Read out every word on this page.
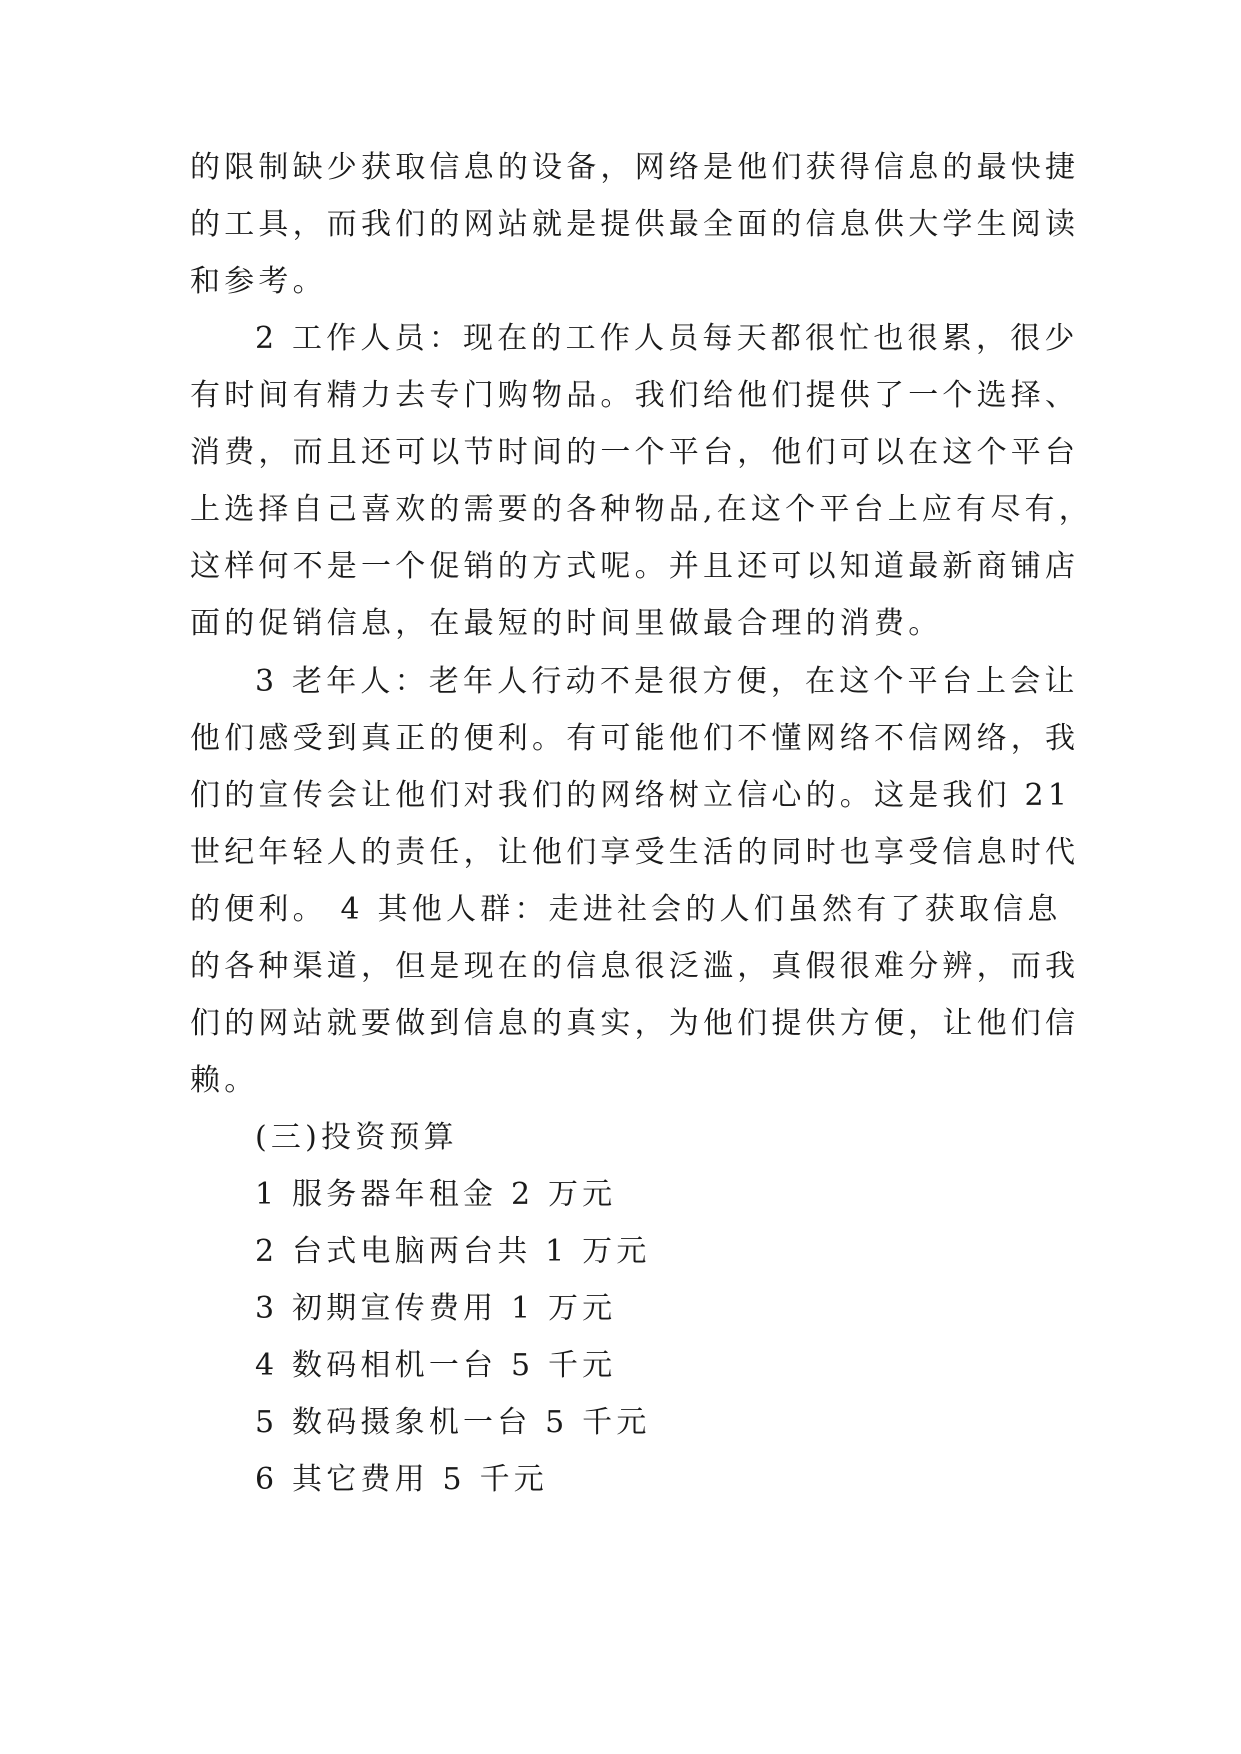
的限制缺少获取信息的设备，网络是他们获得信息的最快捷
的工具，而我们的网站就是提供最全面的信息供大学生阅读
和参考。
2 工作人员：现在的工作人员每天都很忙也很累，很少
有时间有精力去专门购物品。我们给他们提供了一个选择、
消费，而且还可以节时间的一个平台，他们可以在这个平台
上选择自己喜欢的需要的各种物品,在这个平台上应有尽有，
这样何不是一个促销的方式呢。并且还可以知道最新商铺店
面的促销信息，在最短的时间里做最合理的消费。
3 老年人：老年人行动不是很方便，在这个平台上会让
他们感受到真正的便利。有可能他们不懂网络不信网络，我
们的宣传会让他们对我们的网络树立信心的。这是我们 21
世纪年轻人的责任，让他们享受生活的同时也享受信息时代
的便利。 4 其他人群：走进社会的人们虽然有了获取信息
的各种渠道，但是现在的信息很泛滥，真假很难分辨，而我
们的网站就要做到信息的真实，为他们提供方便，让他们信
赖。
(三)投资预算
1 服务器年租金 2 万元
2 台式电脑两台共 1 万元
3 初期宣传费用 1 万元
4 数码相机一台 5 千元
5 数码摄象机一台 5 千元
6 其它费用 5 千元
